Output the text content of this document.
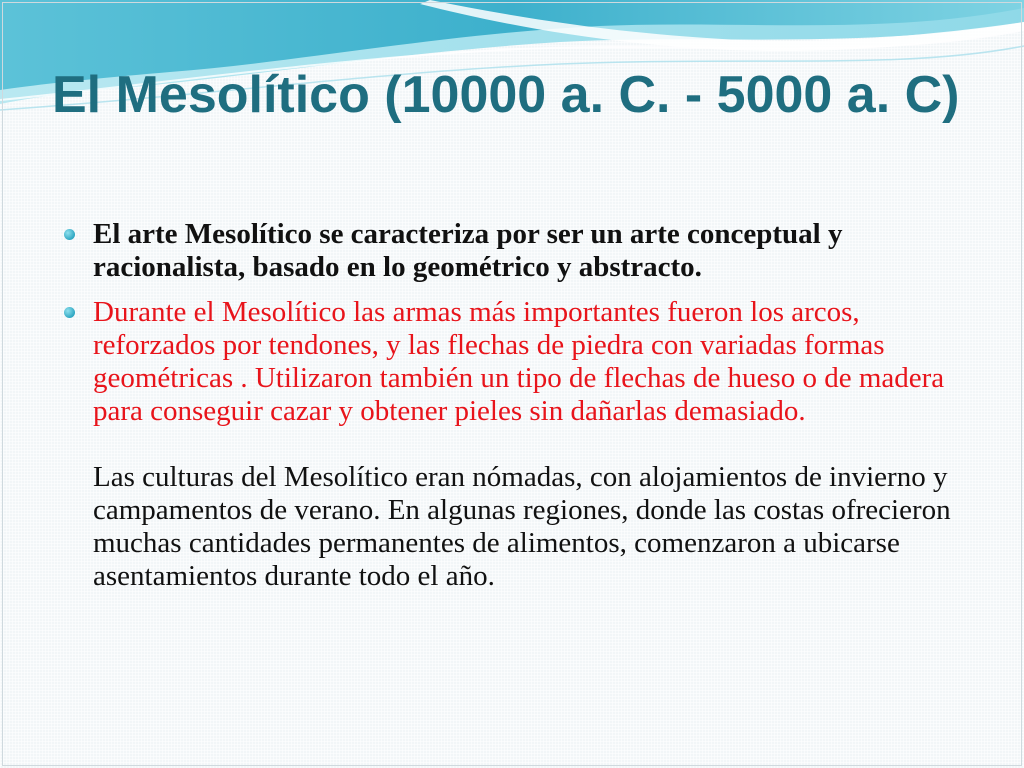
El Mesolítico (10000 a. C. - 5000 a. C)
El arte Mesolítico se caracteriza por ser un arte conceptual y racionalista, basado en lo geométrico y abstracto.
Durante el Mesolítico las armas más importantes fueron los arcos, reforzados por tendones, y las flechas de piedra con variadas formas geométricas . Utilizaron también un tipo de flechas de hueso o de madera para conseguir cazar y obtener pieles sin dañarlas demasiado.
Las culturas del Mesolítico eran nómadas, con alojamientos de invierno y campamentos de verano. En algunas regiones, donde las costas ofrecieron muchas cantidades permanentes de alimentos, comenzaron a ubicarse asentamientos durante todo el año.
